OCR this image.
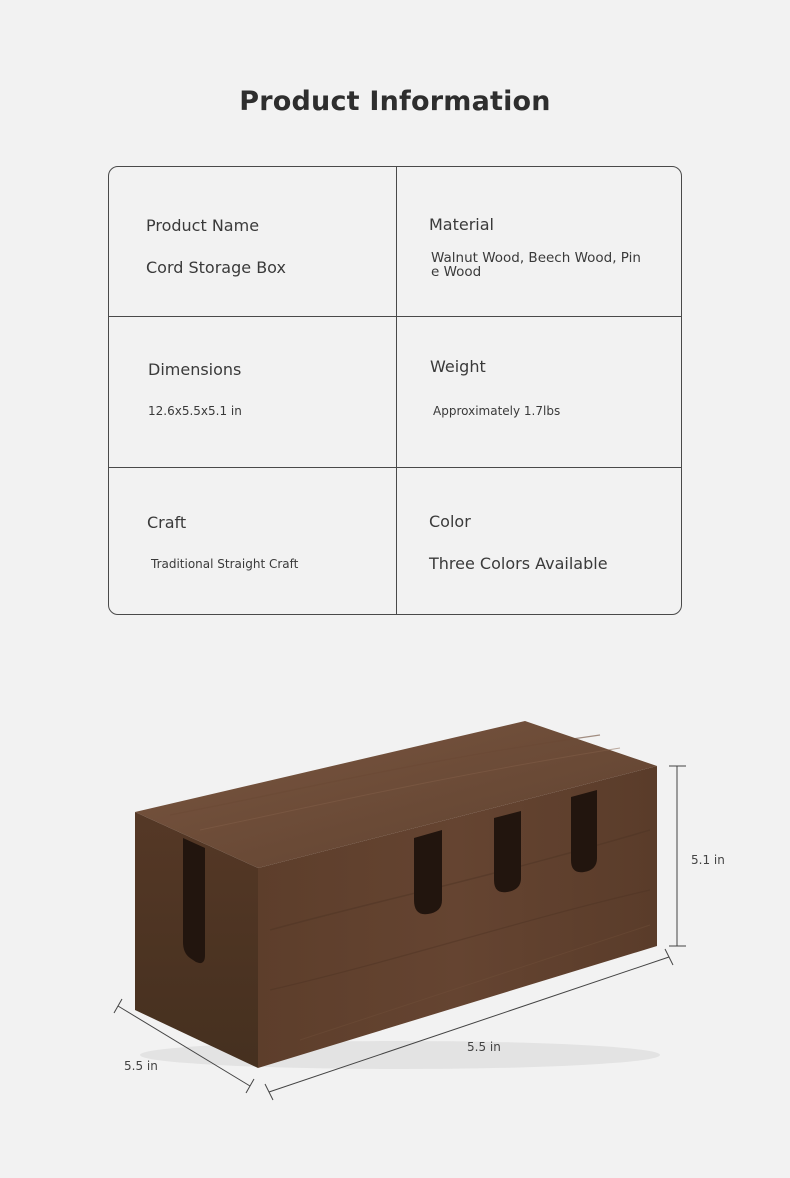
Product Information
Product Name
Cord Storage Box
Material
Walnut Wood, Beech Wood, Pine Wood
Dimensions
12.6x5.5x5.1 in
Weight
Approximately 1.7lbs
Craft
Traditional Straight Craft
Color
Three Colors Available
5.1 in
5.5 in
5.5 in
